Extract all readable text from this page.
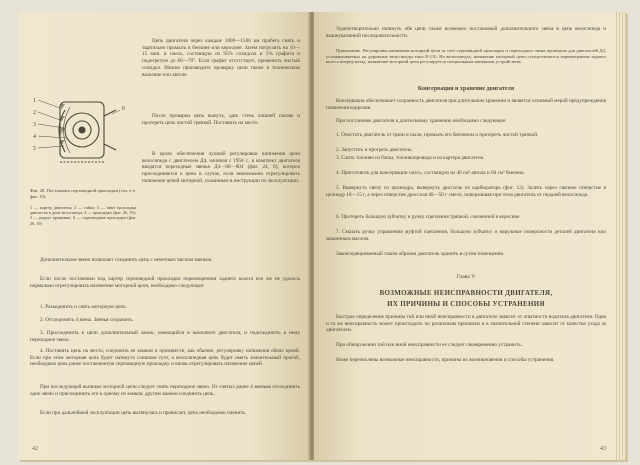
Цепь двигателя через каждые 1000—1500 км пробега снять и тщательно промыть в бензине или керосине. Затем погрузить на 10—15 мин. в смесь, состоящую из 95% солидола и 5% графита и подогретую до 60—70°. Если графит отсутствует, применить чистый солидол. Можно производить проварку цепи также в техническом вазелине или автоле.

После проварки цепь вынуть, дать стечь лишней смазке и протереть цепь чистой тряпкой. Поставить на место.

В целях обеспечения лучшей регулировки натяжения цепи велосипеда с двигателем Д4, начиная с 1958 г., в комплект двигателя вводятся переходные звенья Д4—00—804 (фиг. 24, б), которое присоединяется к цепи в случае, если невозможно отрегулировать натяжение цепей моторной, указанным в инструкции по эксплуатации.

1
2
3
4
5
6

Фиг. 28. Постановка серповидной прокладки (сеч. е-е, фиг. 19):

1 — картер двигателя; 2 — гайка; 3 — винт прокладки двигателя в доме велосипеда; 4 — прокладки (фиг. 26, 19); 5 — радиус вращения; 6 — серповидные прокладки (фиг. 26, 19)

Дополнительное звено позволяет соединить цепь с нечетным числом звеньев.

Если после постановки под картер серповидной прокладки перемещением заднего колеса все же не удалось нормально отрегулировать натяжение моторной цепи, необходимо следующее:

1. Разъединить и снять моторную цепь.

2. Отсоединить 4 звена. Звенья сохранить.

3. Присоединить к цепи дополнительный замок, имеющийся в комплекте двигателя, и подсоединить к нему переходное звено.

4. Поставить цепь на место, соединить ее замком и произвести, как обычно, регулировку натяжения обеих цепей. Если при этом моторная цепь будет натянута слишком туго, а велосипедная цепь будет иметь значительный прогиб, необходимо цепь ранее поставленную серповидную прокладку и вновь отрегулировать натяжение цепей.

При последующей вытяжке моторной цепи следует снять переходное звено. От снятых ранее 4 звеньев отсоединить одно звено и присоединить его к одному из замков; другим замком соединить цепь.

Если при дальнейшей эксплуатации цепь вытянулась и провисает, цепь необходимо сменить.

42

Удовлетворительно натянуть обе цепи также возможно постановкой дополнительного звена в цепь велосипеда и вышеуказанной последовательности.

Примечание. Регулировка натяжения моторной цепи за счет серповидной прокладки и переходного звена проведена для двигателей Д4, устанавливаемых на дорожные велосипеды типа В-110. На велосипедах, натяжение моторной цепи осуществляется перемещением заднего колеса вперед-назад, натяжение моторной цепи регулируется специальным натяжным устройством.

Консервация и хранение двигателя

Консервация обеспечивает сохранность двигателя при длительном хранении и является основной мерой предупреждения появления коррозии.

При постановке двигателя к длительному хранению необходимо следующее:

1. Очистить двигатель от грязи и пыли, промыть его бензином и протереть чистой тряпкой.

2. Запустить и прогреть двигатель.

3. Слить топливо из бачка, топливопровода и из картера двигателя.

4. Приготовить для консервации смесь, состоящую из 40 см³ автола и 60 см³ бензина.

5. Вывернуть свечу из цилиндра, вывернуть дроссель из карбюратора (фиг. 12). Залить через свечное отверстие в цилиндр 10—15 г, а через отверстие дросселя 40—50 г смеси, поворачивая при этом двигатель от педалей велосипеда.

6. Протереть большую зубчатку и ручку сцепления тряпкой, смоченной в керосине.

7. Смазать ручку управления муфтой сцепления, большую зубчатку и наружные поверхности деталей двигателя или машинным маслом.

Законсервированный таким образом двигатель хранить в сухом помещении.

Глава V
ВОЗМОЖНЫЕ НЕИСПРАВНОСТИ ДВИГАТЕЛЯ,
ИХ ПРИЧИНЫ И СПОСОБЫ УСТРАНЕНИЯ

Быстрое определение причины той или иной неисправности в двигателе зависит от опытности водителя двигателя. Одна и та же неисправность может происходить по различным причинам и в значительной степени зависит от качества ухода за двигателем.

При обнаружении той или иной неисправности ее следует своевременно устранить.

Ниже перечислены возможные неисправности, причины их возникновения и способы устранения.

43
